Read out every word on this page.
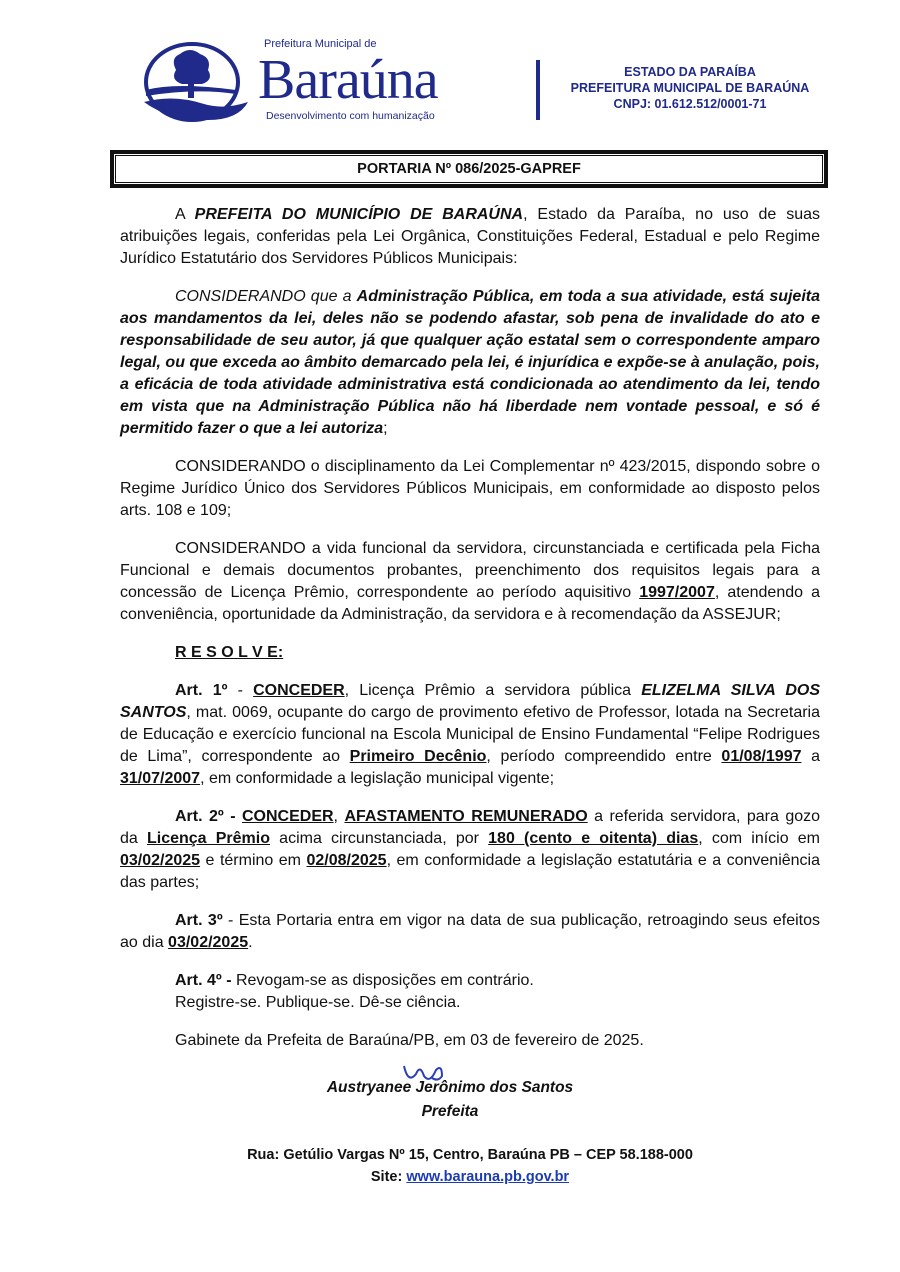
Prefeitura Municipal de
Baraúna
Desenvolvimento com humanização
ESTADO DA PARAÍBA
PREFEITURA MUNICIPAL DE BARAÚNA
CNPJ: 01.612.512/0001-71
PORTARIA Nº 086/2025-GAPREF
A PREFEITA DO MUNICÍPIO DE BARAÚNA, Estado da Paraíba, no uso de suas atribuições legais, conferidas pela Lei Orgânica, Constituições Federal, Estadual e pelo Regime Jurídico Estatutário dos Servidores Públicos Municipais:
CONSIDERANDO que a Administração Pública, em toda a sua atividade, está sujeita aos mandamentos da lei, deles não se podendo afastar, sob pena de invalidade do ato e responsabilidade de seu autor, já que qualquer ação estatal sem o correspondente amparo legal, ou que exceda ao âmbito demarcado pela lei, é injurídica e expõe-se à anulação, pois, a eficácia de toda atividade administrativa está condicionada ao atendimento da lei, tendo em vista que na Administração Pública não há liberdade nem vontade pessoal, e só é permitido fazer o que a lei autoriza;
CONSIDERANDO o disciplinamento da Lei Complementar nº 423/2015, dispondo sobre o Regime Jurídico Único dos Servidores Públicos Municipais, em conformidade ao disposto pelos arts. 108 e 109;
CONSIDERANDO a vida funcional da servidora, circunstanciada e certificada pela Ficha Funcional e demais documentos probantes, preenchimento dos requisitos legais para a concessão de Licença Prêmio, correspondente ao período aquisitivo 1997/2007, atendendo a conveniência, oportunidade da Administração, da servidora e à recomendação da ASSEJUR;
R E S O L V E:
Art. 1º - CONCEDER, Licença Prêmio a servidora pública ELIZELMA SILVA DOS SANTOS, mat. 0069, ocupante do cargo de provimento efetivo de Professor, lotada na Secretaria de Educação e exercício funcional na Escola Municipal de Ensino Fundamental “Felipe Rodrigues de Lima”, correspondente ao Primeiro Decênio, período compreendido entre 01/08/1997 a 31/07/2007, em conformidade a legislação municipal vigente;
Art. 2º - CONCEDER, AFASTAMENTO REMUNERADO a referida servidora, para gozo da Licença Prêmio acima circunstanciada, por 180 (cento e oitenta) dias, com início em 03/02/2025 e término em 02/08/2025, em conformidade a legislação estatutária e a conveniência das partes;
Art. 3º - Esta Portaria entra em vigor na data de sua publicação, retroagindo seus efeitos ao dia 03/02/2025.
Art. 4º - Revogam-se as disposições em contrário.
Registre-se. Publique-se. Dê-se ciência.
Gabinete da Prefeita de Baraúna/PB, em 03 de fevereiro de 2025.
Austryanee Jerônimo dos Santos
Prefeita
Rua: Getúlio Vargas Nº 15, Centro, Baraúna PB – CEP 58.188-000
Site: www.barauna.pb.gov.br
